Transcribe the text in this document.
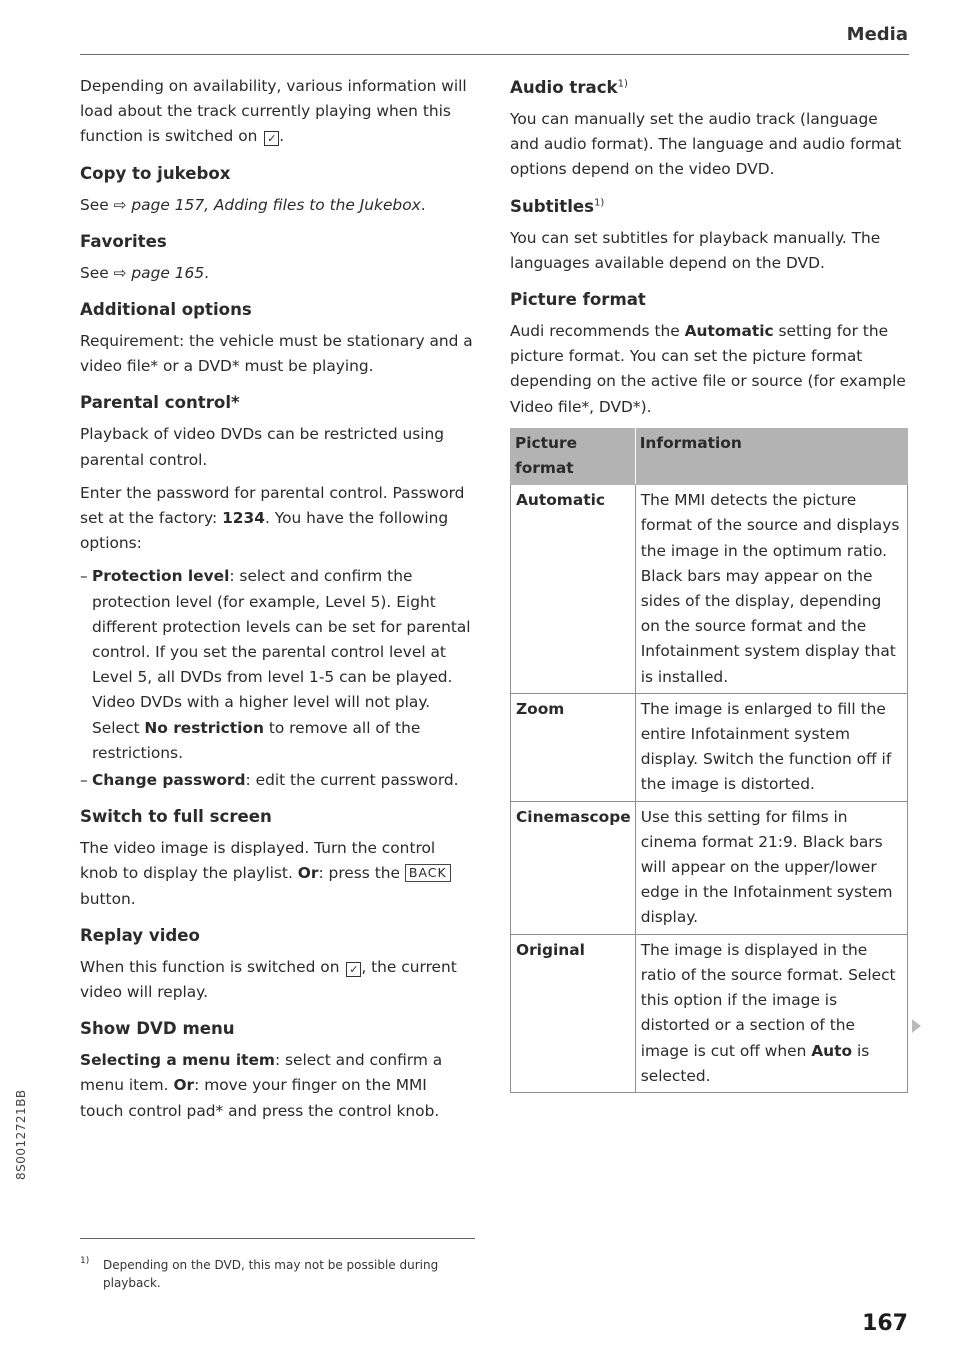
Media

Depending on availability, various information will load about the track currently playing when this function is switched on ✓ .

Copy to jukebox

See ⇨ page 157, Adding files to the Jukebox.

Favorites

See ⇨ page 165.

Additional options

Requirement: the vehicle must be stationary and a video file* or a DVD* must be playing.

Parental control*

Playback of video DVDs can be restricted using parental control.

Enter the password for parental control. Password set at the factory: 1234. You have the following options:

– Protection level: select and confirm the protection level (for example, Level 5). Eight different protection levels can be set for parental control. If you set the parental control level at Level 5, all DVDs from level 1-5 can be played. Video DVDs with a higher level will not play. Select No restriction to remove all of the restrictions.
– Change password: edit the current password.
Switch to full screen

The video image is displayed. Turn the control knob to display the playlist. Or: press the BACK button.

Replay video

When this function is switched on ✓ , the current video will replay.

Show DVD menu

Selecting a menu item: select and confirm a menu item. Or: move your finger on the MMI touch control pad* and press the control knob.

Audio track$^{1)}$

You can manually set the audio track (language and audio format). The language and audio format options depend on the video DVD.

Subtitles$^{1)}$

You can set subtitles for playback manually. The languages available depend on the DVD.

Picture format

Audi recommends the Automatic setting for the picture format. You can set the picture format depending on the active file or source (for example Video file*, DVD*).

Picture format	Information
Automatic	The MMI detects the picture format of the source and displays the image in the optimum ratio. Black bars may appear on the sides of the display, depending on the source format and the Infotainment system display that is installed.
Zoom	The image is enlarged to fill the entire Infotainment system display. Switch the function off if the image is distorted.
Cinemascope	Use this setting for films in cinema format 21:9. Black bars will appear on the upper/lower edge in the Infotainment system display.
Original	The image is displayed in the ratio of the source format. Select this option if the image is distorted or a section of the image is cut off when Auto is selected.
1)	Depending on the DVD, this may not be possible during playback.
8S0012721BB
167
